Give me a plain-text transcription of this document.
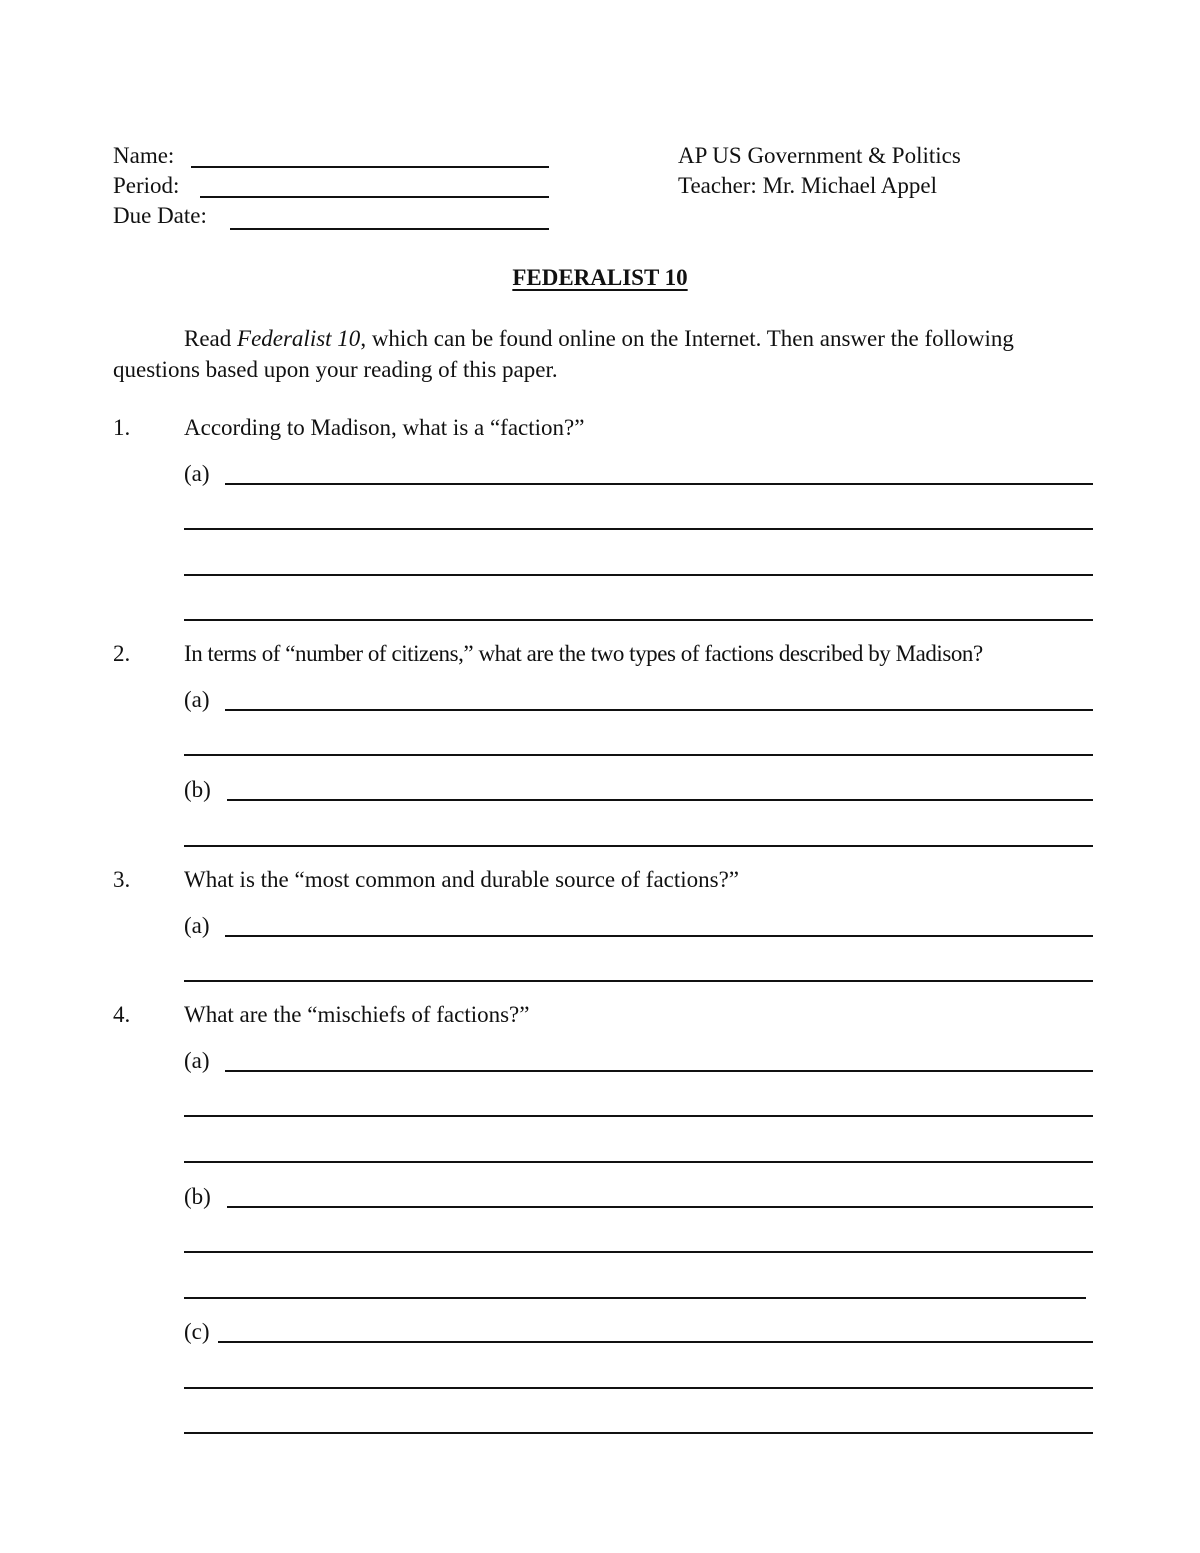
Name:
Period:
Due Date:
AP US Government & Politics
Teacher: Mr. Michael Appel
FEDERALIST 10
Read Federalist 10, which can be found online on the Internet. Then answer the following questions based upon your reading of this paper.
1. According to Madison, what is a “faction?”
(a)
2. In terms of “number of citizens,” what are the two types of factions described by Madison?
(a)
(b)
3. What is the “most common and durable source of factions?”
(a)
4. What are the “mischiefs of factions?”
(a)
(b)
(c)
